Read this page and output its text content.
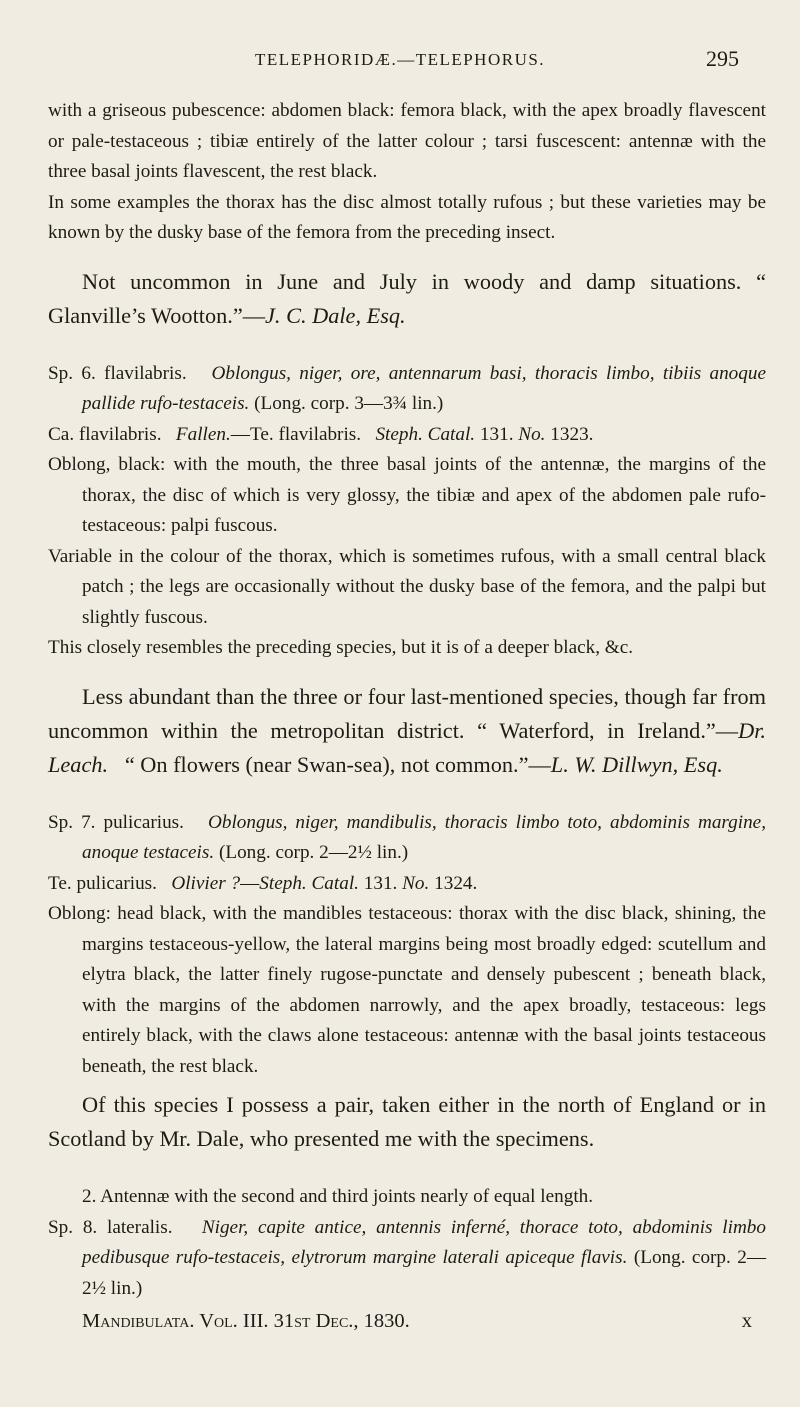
TELEPHORIDÆ.—TELEPHORUS.	295

with a griseous pubescence: abdomen black: femora black, with the apex broadly flavescent or pale-testaceous ; tibiæ entirely of the latter colour ; tarsi fuscescent: antennæ with the three basal joints flavescent, the rest black.

In some examples the thorax has the disc almost totally rufous ; but these varieties may be known by the dusky base of the femora from the preceding insect.

Not uncommon in June and July in woody and damp situations. “ Glanville’s Wootton.”—J. C. Dale, Esq.

Sp. 6. flavilabris. Oblongus, niger, ore, antennarum basi, thoracis limbo, tibiis anoque pallide rufo-testaceis. (Long. corp. 3—3¾ lin.)

Ca. flavilabris. Fallen.—Te. flavilabris. Steph. Catal. 131. No. 1323.

Oblong, black: with the mouth, the three basal joints of the antennæ, the margins of the thorax, the disc of which is very glossy, the tibiæ and apex of the abdomen pale rufo-testaceous: palpi fuscous.

Variable in the colour of the thorax, which is sometimes rufous, with a small central black patch ; the legs are occasionally without the dusky base of the femora, and the palpi but slightly fuscous.

This closely resembles the preceding species, but it is of a deeper black, &c.

Less abundant than the three or four last-mentioned species, though far from uncommon within the metropolitan district. “ Waterford, in Ireland.”—Dr. Leach. “ On flowers (near Swan-sea), not common.”—L. W. Dillwyn, Esq.

Sp. 7. pulicarius. Oblongus, niger, mandibulis, thoracis limbo toto, abdominis margine, anoque testaceis. (Long. corp. 2—2½ lin.)

Te. pulicarius. Olivier ?—Steph. Catal. 131. No. 1324.

Oblong: head black, with the mandibles testaceous: thorax with the disc black, shining, the margins testaceous-yellow, the lateral margins being most broadly edged: scutellum and elytra black, the latter finely rugose-punctate and densely pubescent ; beneath black, with the margins of the abdomen narrowly, and the apex broadly, testaceous: legs entirely black, with the claws alone testaceous: antennæ with the basal joints testaceous beneath, the rest black.

Of this species I possess a pair, taken either in the north of England or in Scotland by Mr. Dale, who presented me with the specimens.

2. Antennæ with the second and third joints nearly of equal length.

Sp. 8. lateralis. Niger, capite antice, antennis inferné, thorace toto, abdominis limbo pedibusque rufo-testaceis, elytrorum margine laterali apiceque flavis. (Long. corp. 2—2½ lin.)

Mandibulata. Vol. III. 31st Dec., 1830.	x
